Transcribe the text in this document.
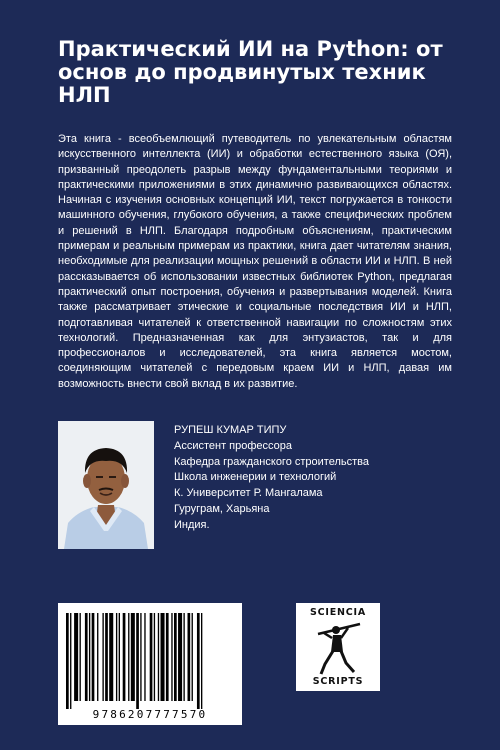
Практический ИИ на Python: от
основ до продвинутых техник
НЛП

Эта книга - всеобъемлющий путеводитель по увлекательным областям искусственного интеллекта (ИИ) и обработки естественного языка (ОЯ), призванный преодолеть разрыв между фундаментальными теориями и практическими приложениями в этих динамично развивающихся областях. Начиная с изучения основных концепций ИИ, текст погружается в тонкости машинного обучения, глубокого обучения, а также специфических проблем и решений в НЛП. Благодаря подробным объяснениям, практическим примерам и реальным примерам из практики, книга дает читателям знания, необходимые для реализации мощных решений в области ИИ и НЛП. В ней рассказывается об использовании известных библиотек Python, предлагая практический опыт построения, обучения и развертывания моделей. Книга также рассматривает этические и социальные последствия ИИ и НЛП, подготавливая читателей к ответственной навигации по сложностям этих технологий. Предназначенная как для энтузиастов, так и для профессионалов и исследователей, эта книга является мостом, соединяющим читателей с передовым краем ИИ и НЛП, давая им возможность внести свой вклад в их развитие.

РУПЕШ КУМАР ТИПУ
Ассистент профессора
Кафедра гражданского строительства
Школа инженерии и технологий
К. Университет Р. Мангалама
Гуруграм, Харьяна
Индия.
9786207777570
SCIENCIA
SCRIPTS
